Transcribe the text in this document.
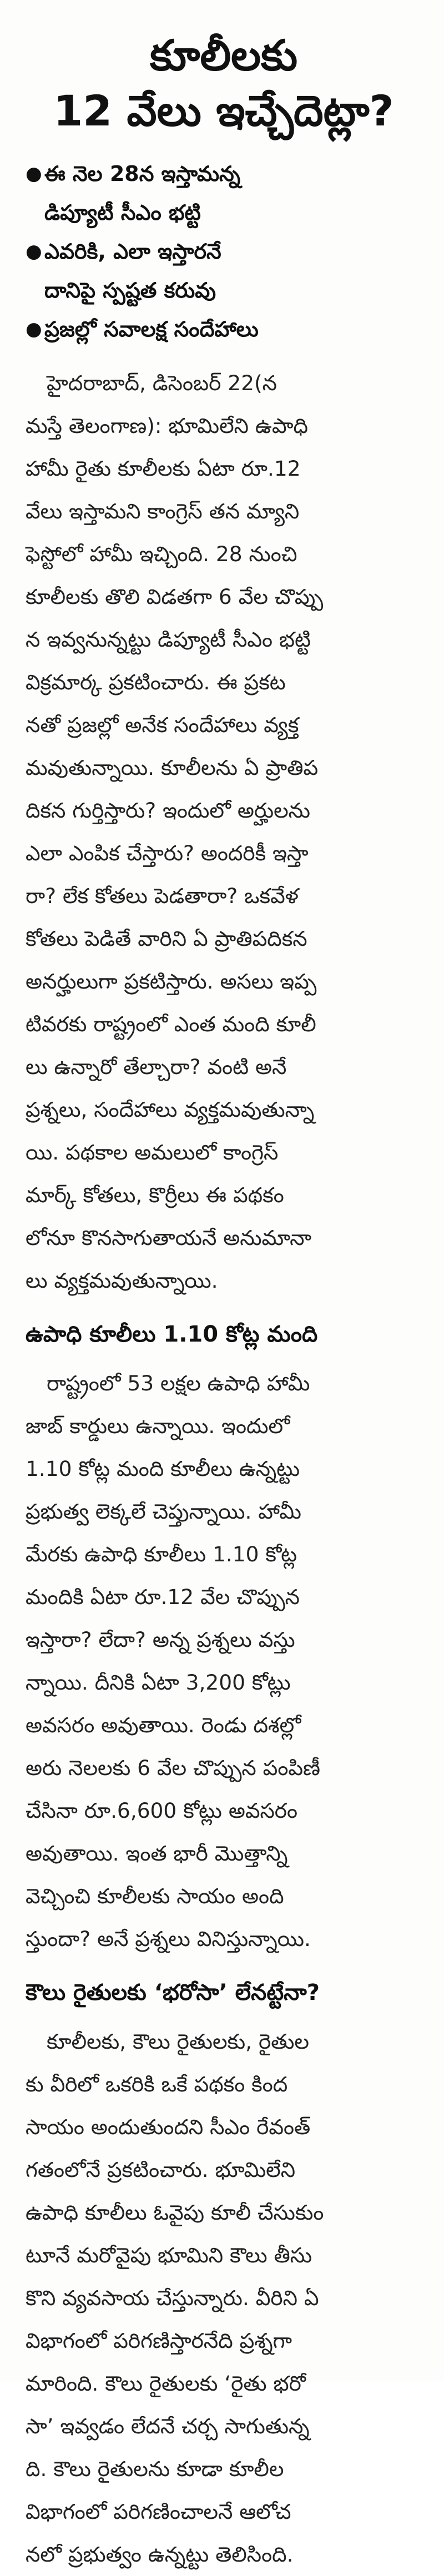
కూలీలకు
12 వేలు ఇచ్చేదెట్లా?
● ఈ నెల 28న ఇస్తామన్న
డిప్యూటీ సీఎం భట్టి
● ఎవరికి, ఎలా ఇస్తారనే
దానిపై స్పష్టత కరువు
● ప్రజల్లో సవాలక్ష సందేహాలు
హైదరాబాద్, డిసెంబర్ 22(న
మస్తే తెలంగాణ): భూమిలేని ఉపాధి
హామీ రైతు కూలీలకు ఏటా రూ.12
వేలు ఇస్తామని కాంగ్రెస్ తన మ్యాని
ఫెస్టోలో హామీ ఇచ్చింది. 28 నుంచి
కూలీలకు తొలి విడతగా 6 వేల చొప్పు
న ఇవ్వనున్నట్టు డిప్యూటీ సీఎం భట్టి
విక్రమార్క ప్రకటించారు. ఈ ప్రకట
నతో ప్రజల్లో అనేక సందేహాలు వ్యక్త
మవుతున్నాయి. కూలీలను ఏ ప్రాతిప
దికన గుర్తిస్తారు? ఇందులో అర్హులను
ఎలా ఎంపిక చేస్తారు? అందరికీ ఇస్తా
రా? లేక కోతలు పెడతారా? ఒకవేళ
కోతలు పెడితే వారిని ఏ ప్రాతిపదికన
అనర్హులుగా ప్రకటిస్తారు. అసలు ఇప్ప
టివరకు రాష్ట్రంలో ఎంత మంది కూలీ
లు ఉన్నారో తేల్చారా? వంటి అనే
ప్రశ్నలు, సందేహాలు వ్యక్తమవుతున్నా
యి. పథకాల అమలులో కాంగ్రెస్
మార్క్ కోతలు, కొర్రీలు ఈ పథకం
లోనూ కొనసాగుతాయనే అనుమానా
లు వ్యక్తమవుతున్నాయి.
ఉపాధి కూలీలు 1.10 కోట్ల మంది
రాష్ట్రంలో 53 లక్షల ఉపాధి హామీ
జాబ్ కార్డులు ఉన్నాయి. ఇందులో
1.10 కోట్ల మంది కూలీలు ఉన్నట్టు
ప్రభుత్వ లెక్కలే చెప్తున్నాయి. హామీ
మేరకు ఉపాధి కూలీలు 1.10 కోట్ల
మందికి ఏటా రూ.12 వేల చొప్పున
ఇస్తారా? లేదా? అన్న ప్రశ్నలు వస్తు
న్నాయి. దీనికి ఏటా 3,200 కోట్లు
అవసరం అవుతాయి. రెండు దశల్లో
అరు నెలలకు 6 వేల చొప్పున పంపిణీ
చేసినా రూ.6,600 కోట్లు అవసరం
అవుతాయి. ఇంత భారీ మొత్తాన్ని
వెచ్చించి కూలీలకు సాయం అంది
స్తుందా? అనే ప్రశ్నలు వినిస్తున్నాయి.
కౌలు రైతులకు ‘భరోసా’ లేనట్టేనా?
కూలీలకు, కౌలు రైతులకు, రైతుల
కు వీరిలో ఒకరికి ఒకే పథకం కింద
సాయం అందుతుందని సీఎం రేవంత్
గతంలోనే ప్రకటించారు. భూమిలేని
ఉపాధి కూలీలు ఓవైపు కూలీ చేసుకుం
టూనే మరోవైపు భూమిని కౌలు తీసు
కొని వ్యవసాయ చేస్తున్నారు. వీరిని ఏ
విభాగంలో పరిగణిస్తారనేది ప్రశ్నగా
మారింది. కౌలు రైతులకు ‘రైతు భరో
సా’ ఇవ్వడం లేదనే చర్చ సాగుతున్న
ది. కౌలు రైతులను కూడా కూలీల
విభాగంలో పరిగణించాలనే ఆలోచ
నలో ప్రభుత్వం ఉన్నట్టు తెలిసింది.
